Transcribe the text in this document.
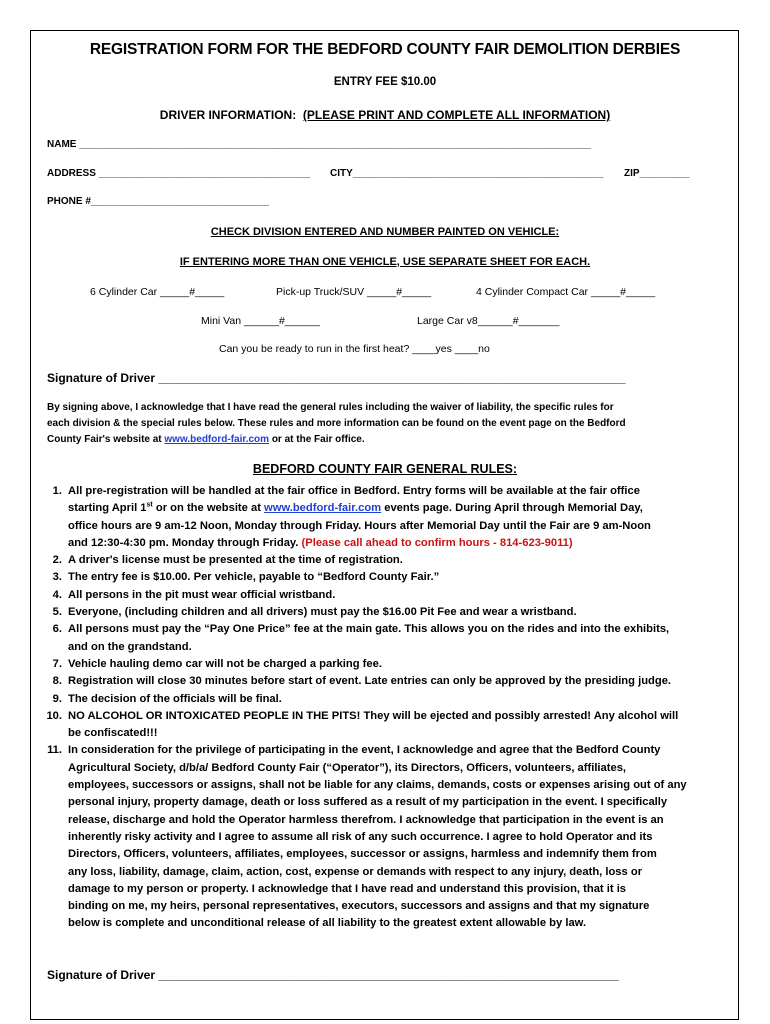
REGISTRATION FORM FOR THE BEDFORD COUNTY FAIR DEMOLITION DERBIES
ENTRY FEE $10.00
DRIVER INFORMATION: (PLEASE PRINT AND COMPLETE ALL INFORMATION)
NAME ____________________________________________________________________________________________
ADDRESS ______________________________________ CITY_____________________________________________ ZIP_________
PHONE #________________________________
CHECK DIVISION ENTERED AND NUMBER PAINTED ON VEHICLE:
IF ENTERING MORE THAN ONE VEHICLE, USE SEPARATE SHEET FOR EACH.
6 Cylinder Car _____#_____	Pick-up Truck/SUV _____#_____	4 Cylinder Compact Car _____#_____
Mini Van ______#______	Large Car v8______#_______
Can you be ready to run in the first heat? ____yes ____no
Signature of Driver ______________________________________________________________________
By signing above, I acknowledge that I have read the general rules including the waiver of liability, the specific rules for
each division & the special rules below. These rules and more information can be found on the event page on the Bedford
County Fair's website at www.bedford-fair.com or at the Fair office.
BEDFORD COUNTY FAIR GENERAL RULES:
1. All pre-registration will be handled at the fair office in Bedford. Entry forms will be available at the fair office
starting April 1st or on the website at www.bedford-fair.com events page. During April through Memorial Day,
office hours are 9 am-12 Noon, Monday through Friday. Hours after Memorial Day until the Fair are 9 am-Noon
and 12:30-4:30 pm. Monday through Friday. (Please call ahead to confirm hours - 814-623-9011)
2. A driver's license must be presented at the time of registration.
3. The entry fee is $10.00. Per vehicle, payable to “Bedford County Fair.”
4. All persons in the pit must wear official wristband.
5. Everyone, (including children and all drivers) must pay the $16.00 Pit Fee and wear a wristband.
6. All persons must pay the “Pay One Price” fee at the main gate. This allows you on the rides and into the exhibits,
and on the grandstand.
7. Vehicle hauling demo car will not be charged a parking fee.
8. Registration will close 30 minutes before start of event. Late entries can only be approved by the presiding judge.
9. The decision of the officials will be final.
10. NO ALCOHOL OR INTOXICATED PEOPLE IN THE PITS! They will be ejected and possibly arrested! Any alcohol will
be confiscated!!!
11. In consideration for the privilege of participating in the event, I acknowledge and agree that the Bedford County
Agricultural Society, d/b/a/ Bedford County Fair (“Operator”), its Directors, Officers, volunteers, affiliates,
employees, successors or assigns, shall not be liable for any claims, demands, costs or expenses arising out of any
personal injury, property damage, death or loss suffered as a result of my participation in the event. I specifically
release, discharge and hold the Operator harmless therefrom. I acknowledge that participation in the event is an
inherently risky activity and I agree to assume all risk of any such occurrence. I agree to hold Operator and its
Directors, Officers, volunteers, affiliates, employees, successor or assigns, harmless and indemnify them from
any loss, liability, damage, claim, action, cost, expense or demands with respect to any injury, death, loss or
damage to my person or property. I acknowledge that I have read and understand this provision, that it is
binding on me, my heirs, personal representatives, executors, successors and assigns and that my signature
below is complete and unconditional release of all liability to the greatest extent allowable by law.
Signature of Driver _____________________________________________________________________
